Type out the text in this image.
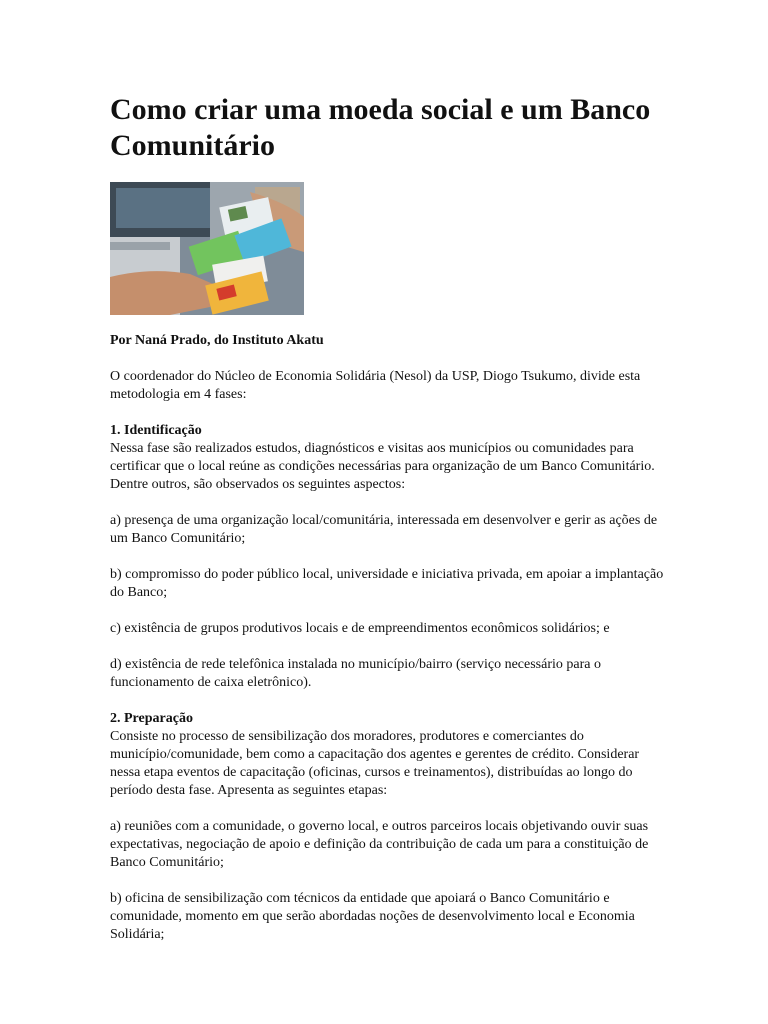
Como criar uma moeda social e um Banco Comunitário
Por Naná Prado, do Instituto Akatu

O coordenador do Núcleo de Economia Solidária (Nesol) da USP, Diogo Tsukumo, divide esta metodologia em 4 fases:

1. Identificação

Nessa fase são realizados estudos, diagnósticos e visitas aos municípios ou comunidades para certificar que o local reúne as condições necessárias para organização de um Banco Comunitário. Dentre outros, são observados os seguintes aspectos:

a) presença de uma organização local/comunitária, interessada em desenvolver e gerir as ações de um Banco Comunitário;

b) compromisso do poder público local, universidade e iniciativa privada, em apoiar a implantação do Banco;

c) existência de grupos produtivos locais e de empreendimentos econômicos solidários; e

d) existência de rede telefônica instalada no município/bairro (serviço necessário para o funcionamento de caixa eletrônico).

2. Preparação

Consiste no processo de sensibilização dos moradores, produtores e comerciantes do município/comunidade, bem como a capacitação dos agentes e gerentes de crédito. Considerar nessa etapa eventos de capacitação (oficinas, cursos e treinamentos), distribuídas ao longo do período desta fase. Apresenta as seguintes etapas:

a) reuniões com a comunidade, o governo local, e outros parceiros locais objetivando ouvir suas expectativas, negociação de apoio e definição da contribuição de cada um para a constituição de Banco Comunitário;

b) oficina de sensibilização com técnicos da entidade que apoiará o Banco Comunitário e comunidade, momento em que serão abordadas noções de desenvolvimento local e Economia Solidária;
